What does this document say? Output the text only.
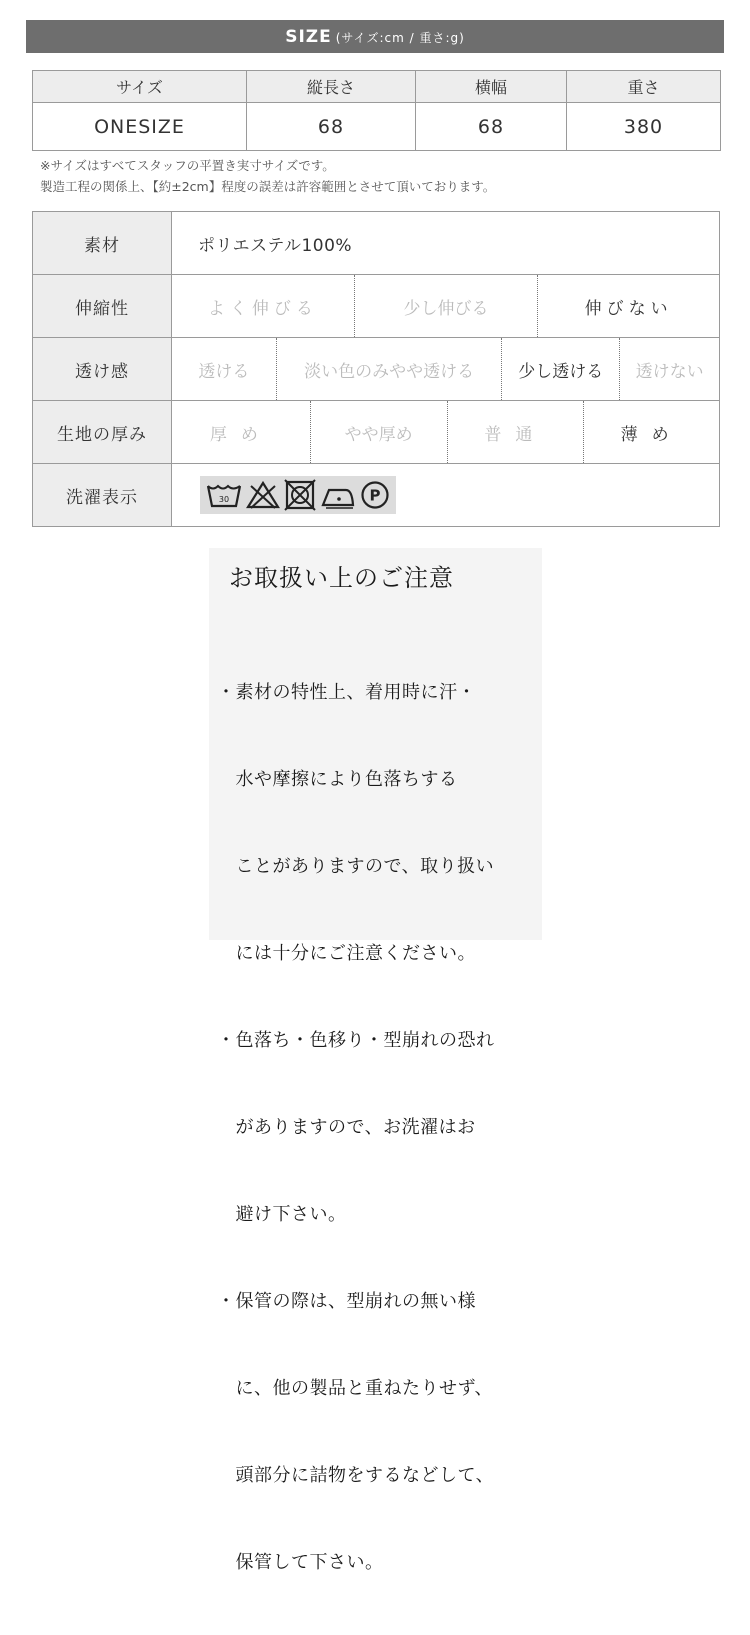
SIZE (サイズ:cm / 重さ:g)
サイズ	縦長さ	横幅	重さ
ONESIZE	68	68	380
※サイズはすべてスタッフの平置き実寸サイズです。
製造工程の関係上、【約±2cm】程度の誤差は許容範囲とさせて頂いております。
素材	ポリエステル100%
伸縮性	よく伸びる 少し伸びる 伸びない

透け感	透ける 淡い色のみやや透ける 少し透ける 透けない

生地の厚み	厚め やや厚め 普通 薄め

洗濯表示	30 P
お取扱い上のご注意

・素材の特性上、着用時に汗・

　水や摩擦により色落ちする

　ことがありますので、取り扱い

　には十分にご注意ください。

・色落ち・色移り・型崩れの恐れ

　がありますので、お洗濯はお

　避け下さい。

・保管の際は、型崩れの無い様

　に、他の製品と重ねたりせず、

　頭部分に詰物をするなどして、

　保管して下さい。
